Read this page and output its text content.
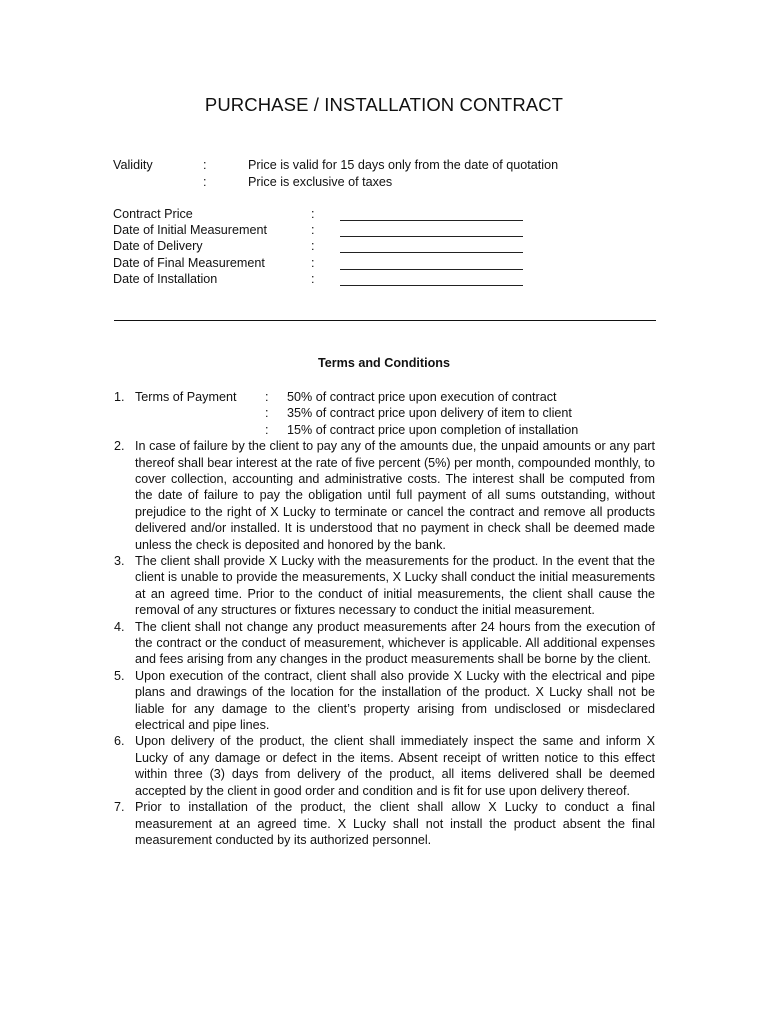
PURCHASE / INSTALLATION CONTRACT
Validity	:	Price is valid for 15 days only from the date of quotation
:	Price is exclusive of taxes
Contract Price	:
Date of Initial Measurement	:
Date of Delivery	:
Date of Final Measurement	:
Date of Installation	:
Terms and Conditions
1. Terms of Payment : 50% of contract price upon execution of contract
: 35% of contract price upon delivery of item to client
: 15% of contract price upon completion of installation
2. In case of failure by the client to pay any of the amounts due, the unpaid amounts or any part thereof shall bear interest at the rate of five percent (5%) per month, compounded monthly, to cover collection, accounting and administrative costs. The interest shall be computed from the date of failure to pay the obligation until full payment of all sums outstanding, without prejudice to the right of X Lucky to terminate or cancel the contract and remove all products delivered and/or installed. It is understood that no payment in check shall be deemed made unless the check is deposited and honored by the bank.
3. The client shall provide X Lucky with the measurements for the product. In the event that the client is unable to provide the measurements, X Lucky shall conduct the initial measurements at an agreed time. Prior to the conduct of initial measurements, the client shall cause the removal of any structures or fixtures necessary to conduct the initial measurement.
4. The client shall not change any product measurements after 24 hours from the execution of the contract or the conduct of measurement, whichever is applicable. All additional expenses and fees arising from any changes in the product measurements shall be borne by the client.
5. Upon execution of the contract, client shall also provide X Lucky with the electrical and pipe plans and drawings of the location for the installation of the product. X Lucky shall not be liable for any damage to the client’s property arising from undisclosed or misdeclared electrical and pipe lines.
6. Upon delivery of the product, the client shall immediately inspect the same and inform X Lucky of any damage or defect in the items. Absent receipt of written notice to this effect within three (3) days from delivery of the product, all items delivered shall be deemed accepted by the client in good order and condition and is fit for use upon delivery thereof.
7. Prior to installation of the product, the client shall allow X Lucky to conduct a final measurement at an agreed time. X Lucky shall not install the product absent the final measurement conducted by its authorized personnel.
